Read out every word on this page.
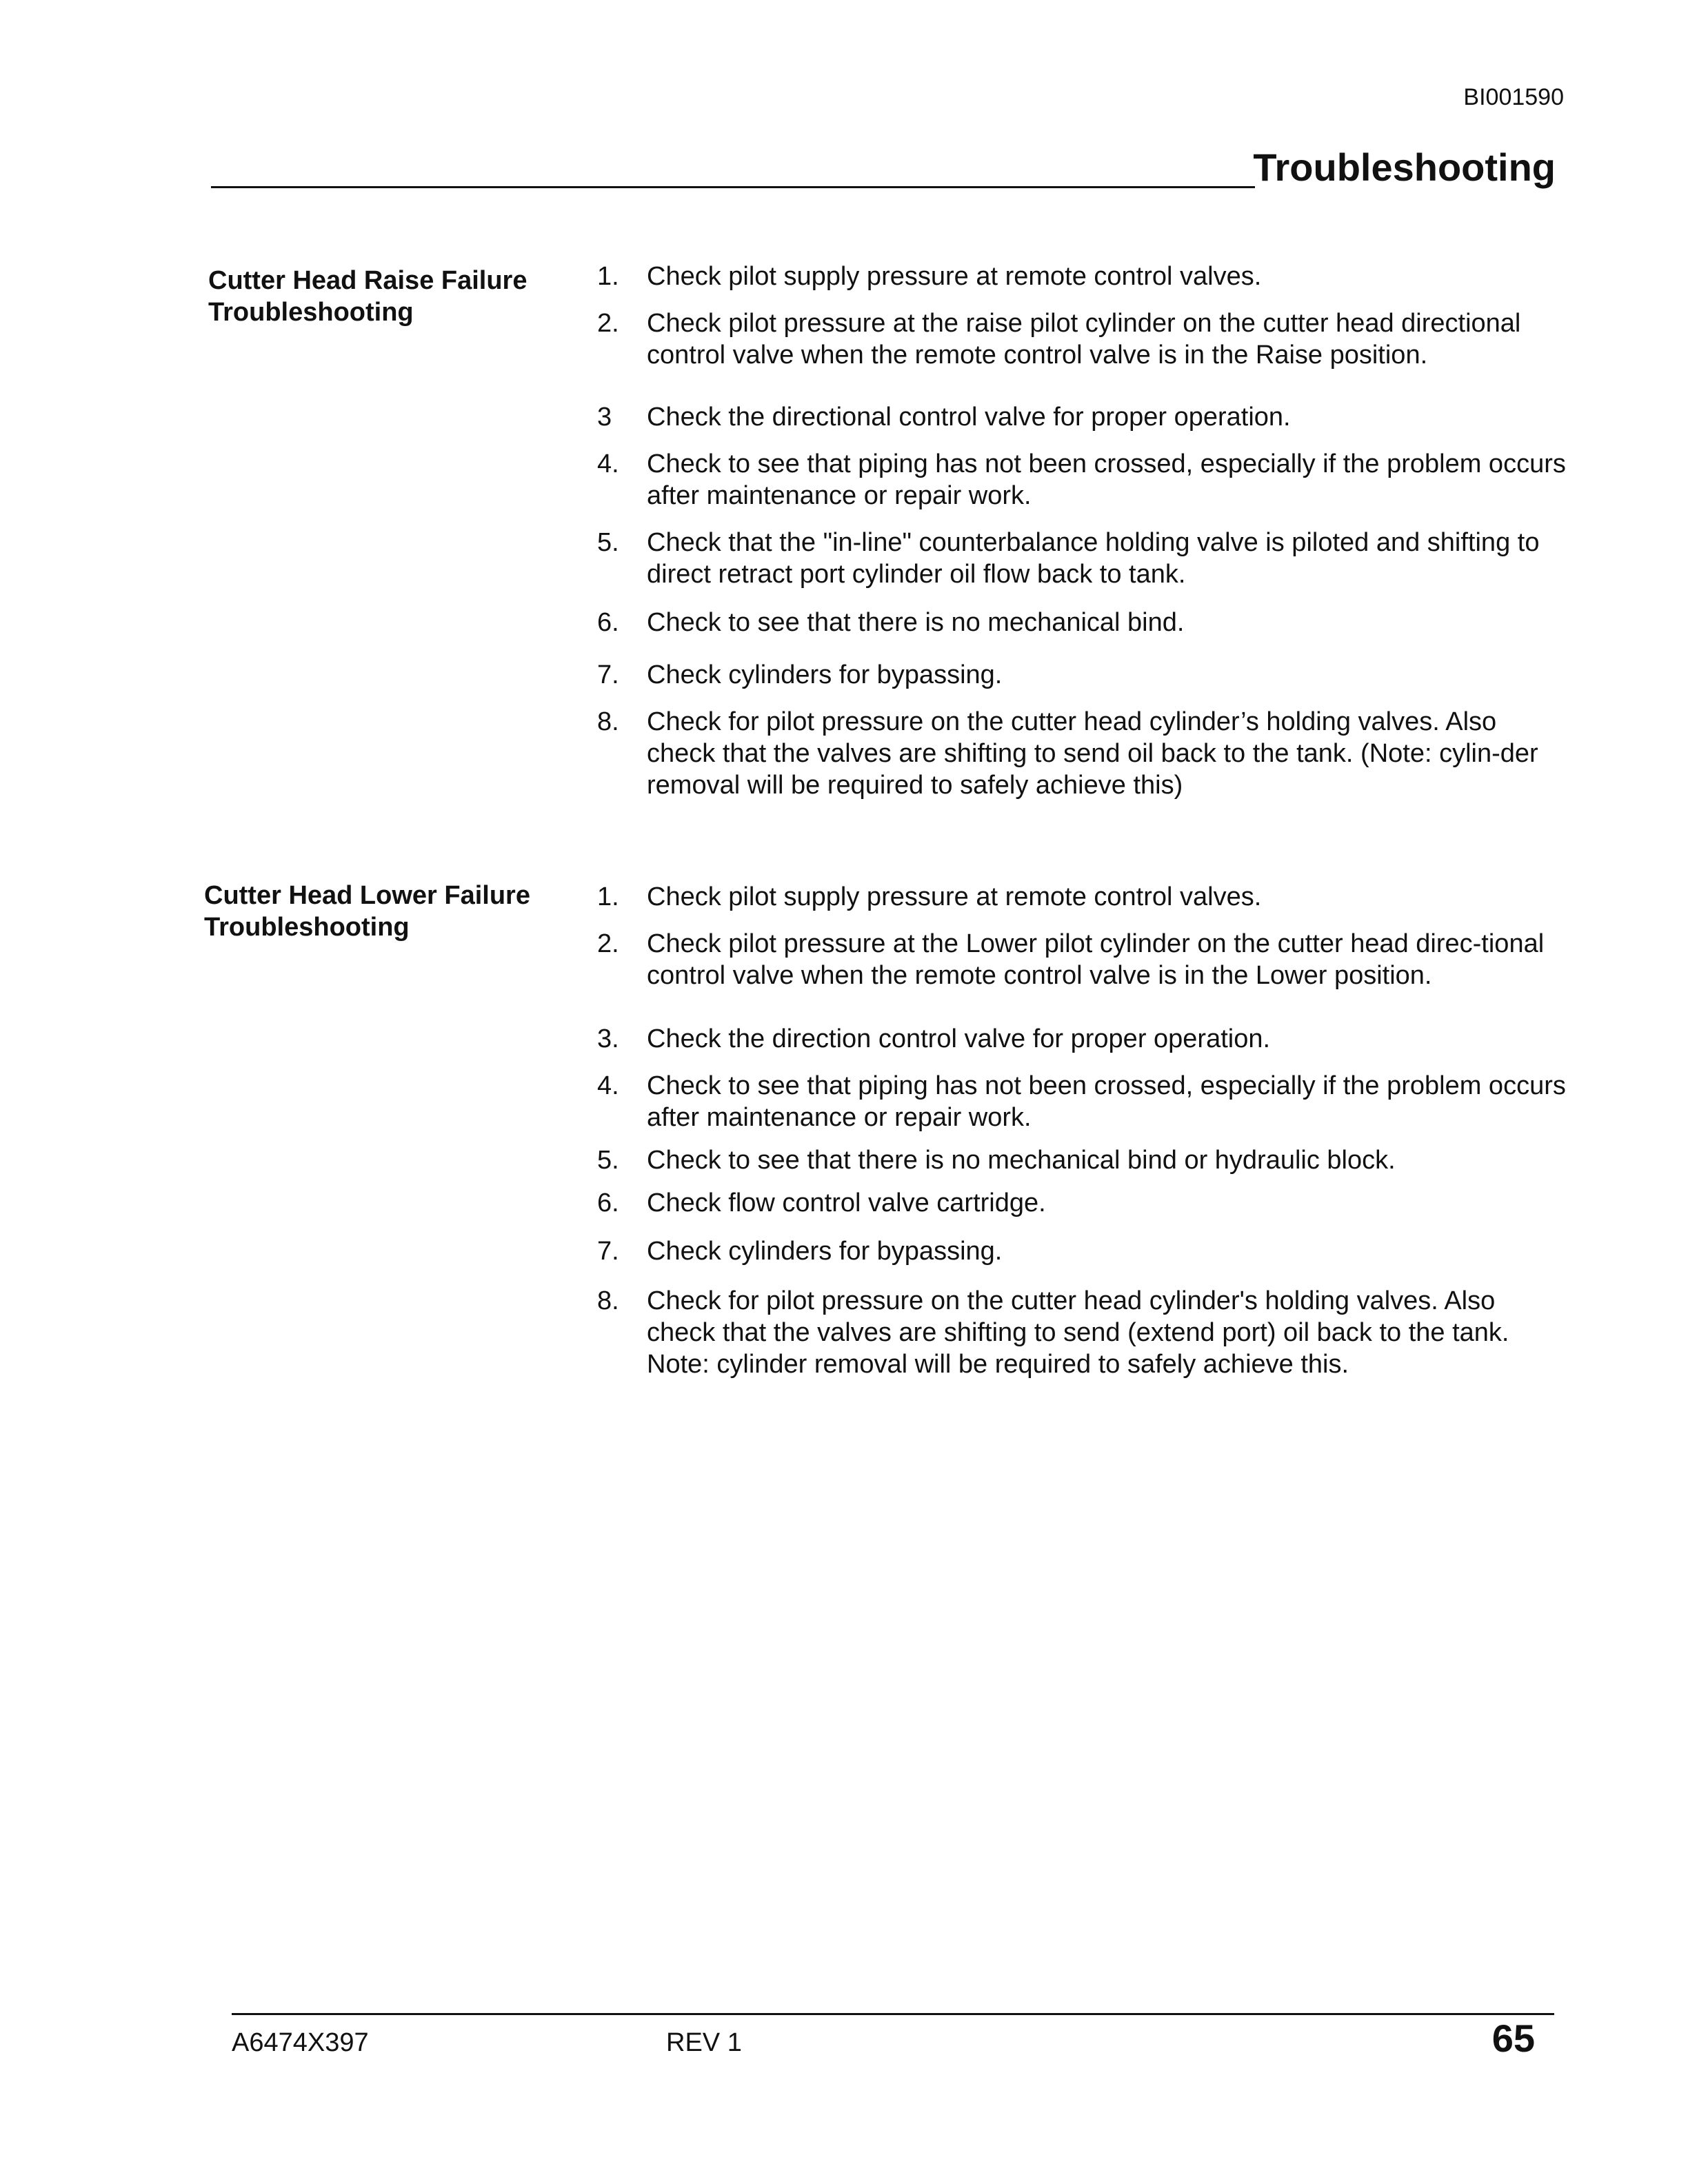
BI001590
Troubleshooting
Cutter Head Raise Failure Troubleshooting
1.	Check pilot supply pressure at remote control valves.
2.	Check pilot pressure at the raise pilot cylinder on the cutter head directional control valve when the remote control valve is in the Raise position.
3	Check the directional control valve for proper operation.
4.	Check to see that piping has not been crossed, especially if the problem occurs after maintenance or repair work.
5.	Check that the "in-line" counterbalance holding valve is piloted and shifting to direct retract port cylinder oil flow back to tank.
6.	Check to see that there is no mechanical bind.
7.	Check cylinders for bypassing.
8.	Check for pilot pressure on the cutter head cylinder’s holding valves. Also check that the valves are shifting to send oil back to the tank. (Note: cylin-der removal will be required to safely achieve this)
Cutter Head Lower Failure Troubleshooting
1.	Check pilot supply pressure at remote control valves.
2.	Check pilot pressure at the Lower pilot cylinder on the cutter head direc-tional control valve when the remote control valve is in the Lower position.
3.	Check the direction control valve for proper operation.
4.	Check to see that piping has not been crossed, especially if the problem occurs after maintenance or repair work.
5.	Check to see that there is no mechanical bind or hydraulic block.
6.	Check flow control valve cartridge.
7.	Check cylinders for bypassing.
8.	Check for pilot pressure on the cutter head cylinder's holding valves. Also check that the valves are shifting to send (extend port) oil back to the tank. Note: cylinder removal will be required to safely achieve this.
A6474X397	REV 1	65
